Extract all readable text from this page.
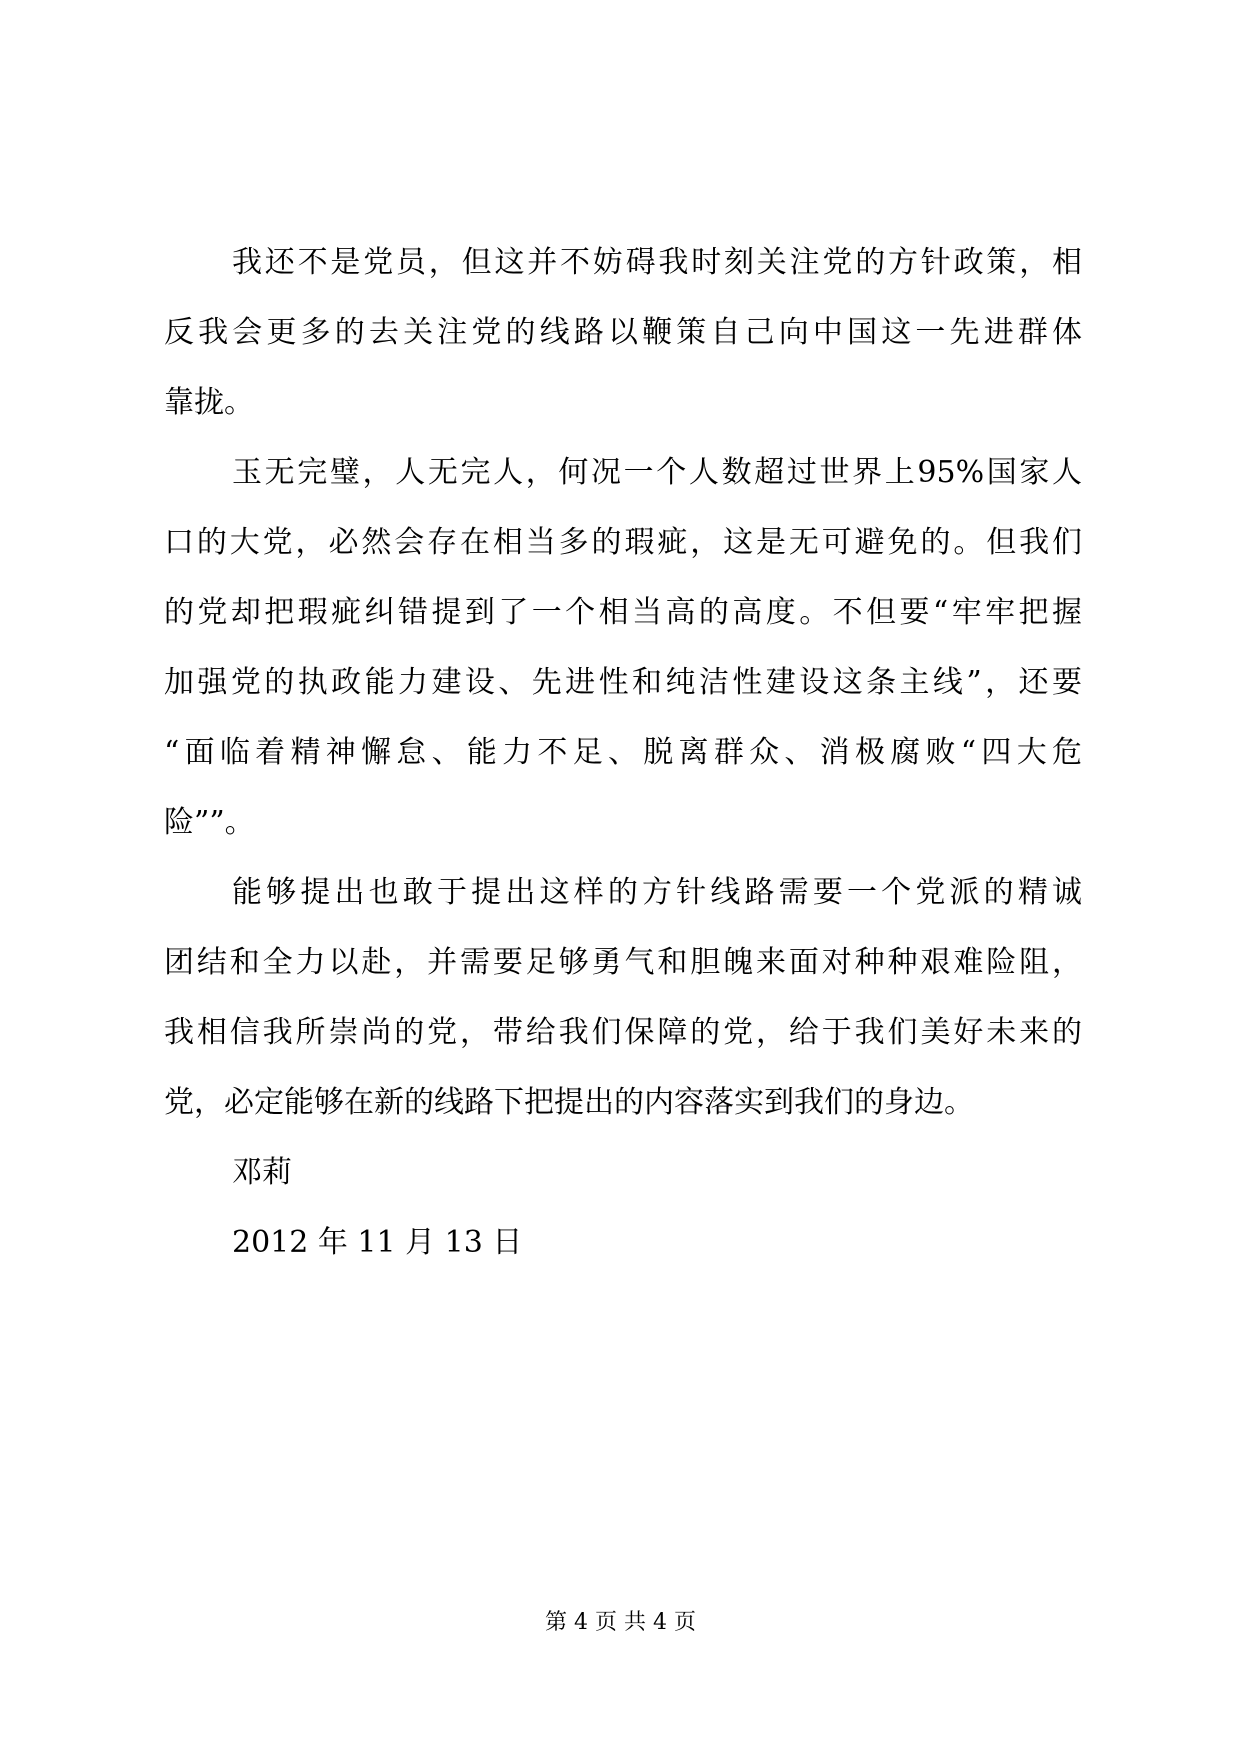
我还不是党员，但这并不妨碍我时刻关注党的方针政策，相
反我会更多的去关注党的线路以鞭策自己向中国这一先进群体
靠拢。
玉无完璧，人无完人，何况一个人数超过世界上95%国家人
口的大党，必然会存在相当多的瑕疵，这是无可避免的。但我们
的党却把瑕疵纠错提到了一个相当高的高度。不但要“牢牢把握
加强党的执政能力建设、先进性和纯洁性建设这条主线”，还要
“面临着精神懈怠、能力不足、脱离群众、消极腐败“四大危
险””。
能够提出也敢于提出这样的方针线路需要一个党派的精诚
团结和全力以赴，并需要足够勇气和胆魄来面对种种艰难险阻，
我相信我所崇尚的党，带给我们保障的党，给于我们美好未来的
党，必定能够在新的线路下把提出的内容落实到我们的身边。
邓莉
2012 年 11 月 13 日
第 4 页 共 4 页
